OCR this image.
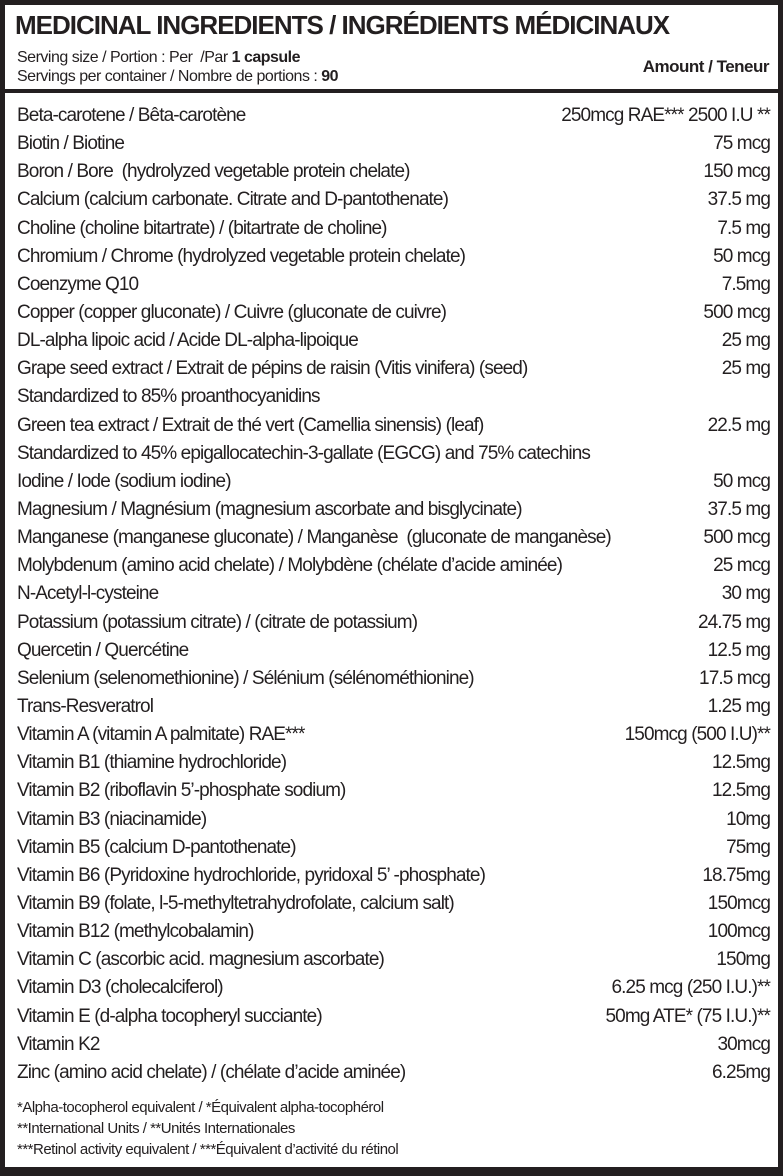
MEDICINAL INGREDIENTS / INGRÉDIENTS MÉDICINAUX
Serving size / Portion : Per  /Par 1 capsule
Servings per container / Nombre de portions : 90
Amount / Teneur
Beta-carotene / Bêta-carotène	250mcg RAE*** 2500 I.U **
Biotin / Biotine	75 mcg
Boron / Bore  (hydrolyzed vegetable protein chelate)	150 mcg
Calcium (calcium carbonate. Citrate and D-pantothenate)	37.5 mg
Choline (choline bitartrate) / (bitartrate de choline)	7.5 mg
Chromium / Chrome (hydrolyzed vegetable protein chelate)	50 mcg
Coenzyme Q10	7.5mg
Copper (copper gluconate) / Cuivre (gluconate de cuivre)	500 mcg
DL-alpha lipoic acid / Acide DL-alpha-lipoique	25 mg
Grape seed extract / Extrait de pépins de raisin (Vitis vinifera) (seed)	25 mg
Standardized to 85% proanthocyanidins
Green tea extract / Extrait de thé vert (Camellia sinensis) (leaf)	22.5 mg
Standardized to 45% epigallocatechin-3-gallate (EGCG) and 75% catechins
Iodine / Iode (sodium iodine)	50 mcg
Magnesium / Magnésium (magnesium ascorbate and bisglycinate)	37.5 mg
Manganese (manganese gluconate) / Manganèse  (gluconate de manganèse)	500 mcg
Molybdenum (amino acid chelate) / Molybdène (chélate d’acide aminée)	25 mcg
N-Acetyl-l-cysteine	30 mg
Potassium (potassium citrate) / (citrate de potassium)	24.75 mg
Quercetin / Quercétine	12.5 mg
Selenium (selenomethionine) / Sélénium (sélénométhionine)	17.5 mcg
Trans-Resveratrol	1.25 mg
Vitamin A (vitamin A palmitate) RAE***	150mcg (500 I.U)**
Vitamin B1 (thiamine hydrochloride)	12.5mg
Vitamin B2 (riboflavin 5’-phosphate sodium)	12.5mg
Vitamin B3 (niacinamide)	10mg
Vitamin B5 (calcium D-pantothenate)	75mg
Vitamin B6 (Pyridoxine hydrochloride, pyridoxal 5’ -phosphate)	18.75mg
Vitamin B9 (folate, l-5-methyltetrahydrofolate, calcium salt)	150mcg
Vitamin B12 (methylcobalamin)	100mcg
Vitamin C (ascorbic acid. magnesium ascorbate)	150mg
Vitamin D3 (cholecalciferol)	6.25 mcg (250 I.U.)**
Vitamin E (d-alpha tocopheryl succiante)	50mg ATE* (75 I.U.)**
Vitamin K2	30mcg
Zinc (amino acid chelate) / (chélate d’acide aminée)	6.25mg
*Alpha-tocopherol equivalent / *Équivalent alpha-tocophérol
**International Units / **Unités Internationales
***Retinol activity equivalent / ***Équivalent d’activité du rétinol
